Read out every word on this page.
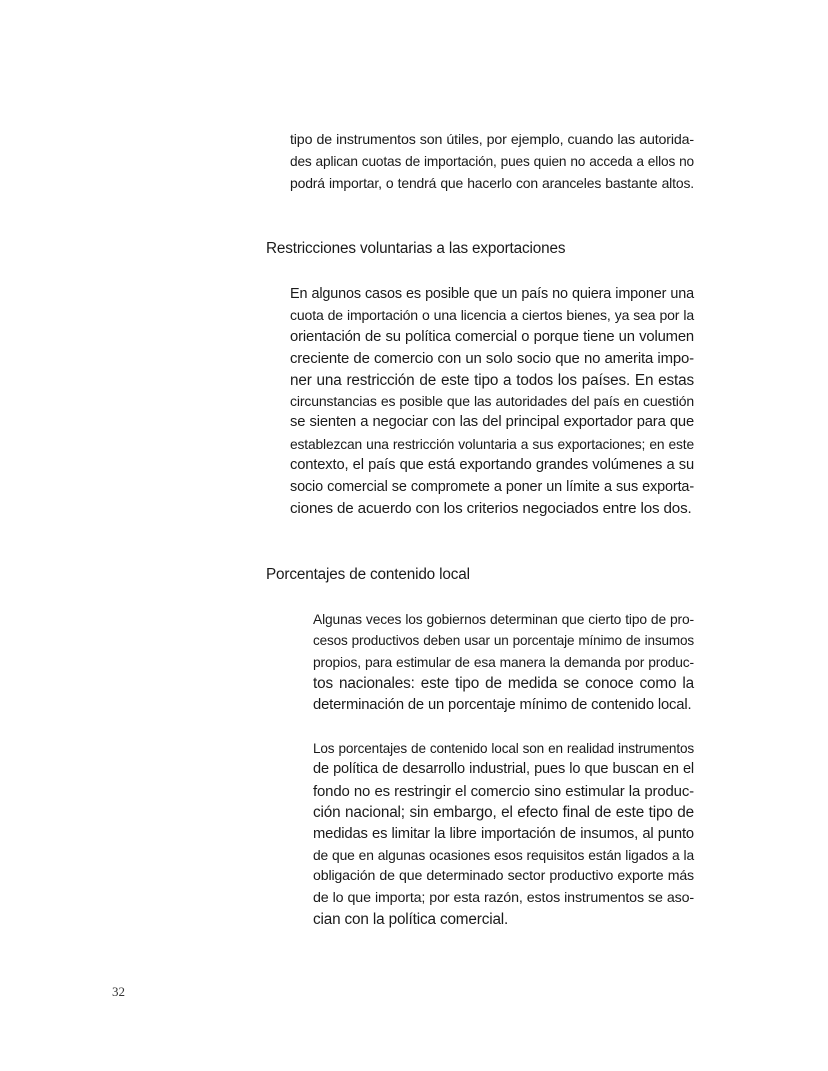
tipo de instrumentos son útiles, por ejemplo, cuando las autorida-
des aplican cuotas de importación, pues quien no acceda a ellos no
podrá importar, o tendrá que hacerlo con aranceles bastante altos.
Restricciones voluntarias a las exportaciones
En algunos casos es posible que un país no quiera imponer una
cuota de importación o una licencia a ciertos bienes, ya sea por la
orientación de su política comercial o porque tiene un volumen
creciente de comercio con un solo socio que no amerita impo-
ner una restricción de este tipo a todos los países. En estas
circunstancias es posible que las autoridades del país en cuestión
se sienten a negociar con las del principal exportador para que
establezcan una restricción voluntaria a sus exportaciones; en este
contexto, el país que está exportando grandes volúmenes a su
socio comercial se compromete a poner un límite a sus exporta-
ciones de acuerdo con los criterios negociados entre los dos.
Porcentajes de contenido local
Algunas veces los gobiernos determinan que cierto tipo de pro-
cesos productivos deben usar un porcentaje mínimo de insumos
propios, para estimular de esa manera la demanda por produc-
tos nacionales: este tipo de medida se conoce como la
determinación de un porcentaje mínimo de contenido local.
Los porcentajes de contenido local son en realidad instrumentos
de política de desarrollo industrial, pues lo que buscan en el
fondo no es restringir el comercio sino estimular la produc-
ción nacional; sin embargo, el efecto final de este tipo de
medidas es limitar la libre importación de insumos, al punto
de que en algunas ocasiones esos requisitos están ligados a la
obligación de que determinado sector productivo exporte más
de lo que importa; por esta razón, estos instrumentos se aso-
cian con la política comercial.
32
